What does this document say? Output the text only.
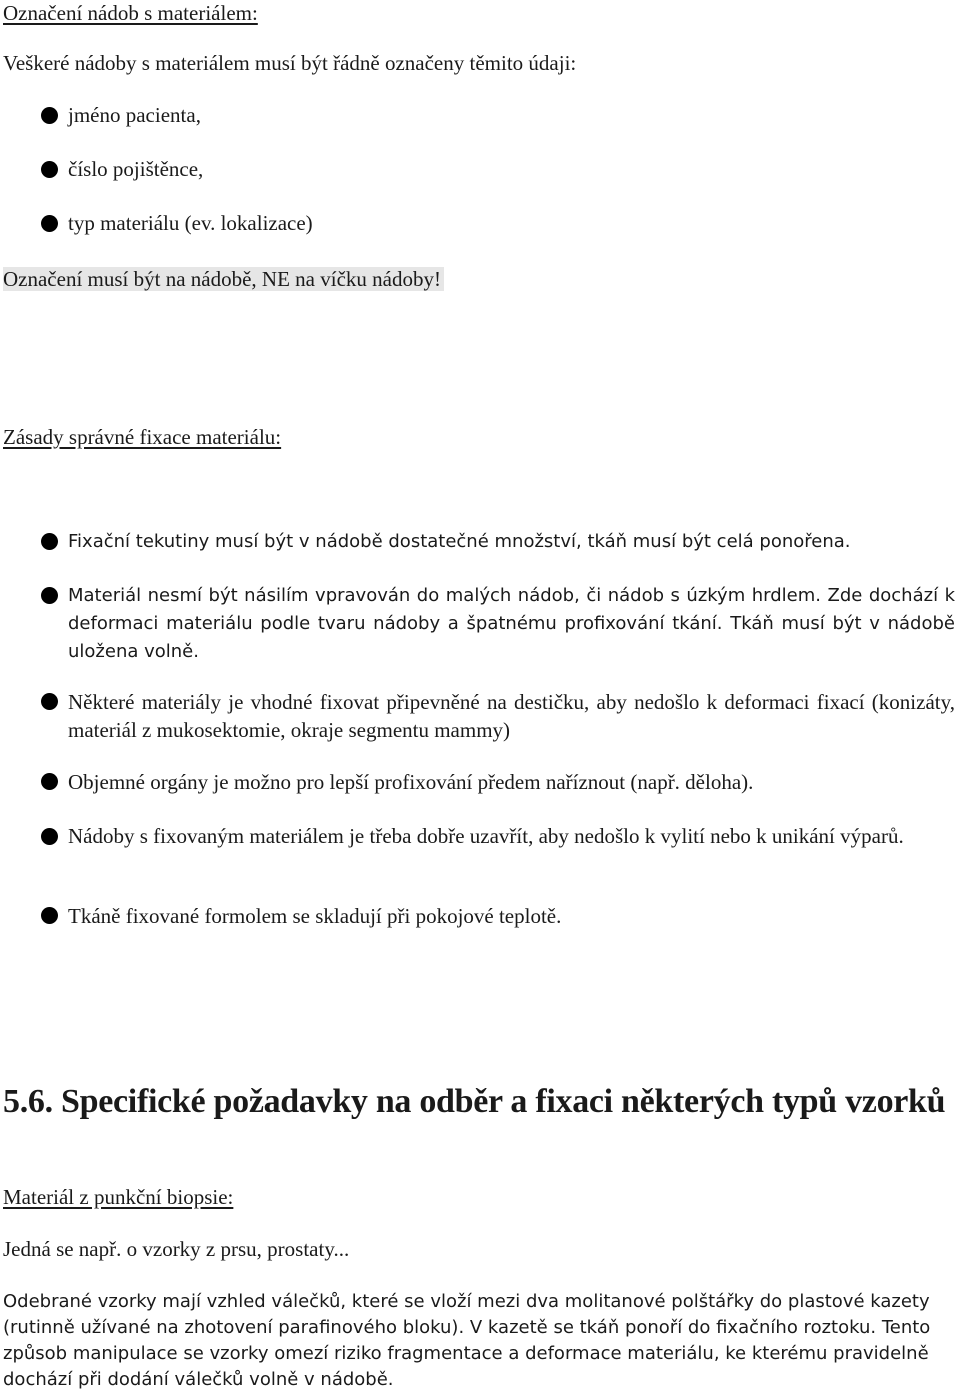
Označení nádob s materiálem:
Veškeré nádoby s materiálem musí být řádně označeny těmito údaji:
jméno pacienta,
číslo pojištěnce,
typ materiálu (ev. lokalizace)
Označení musí být na nádobě, NE na víčku nádoby!
Zásady správné fixace materiálu:
Fixační tekutiny musí být v nádobě dostatečné množství, tkáň musí být celá ponořena.
Materiál nesmí být násilím vpravován do malých nádob, či nádob s úzkým hrdlem. Zde dochází k deformaci materiálu podle tvaru nádoby a špatnému profixování tkání. Tkáň musí být v nádobě uložena volně.
Některé materiály je vhodné fixovat připevněné na destičku, aby nedošlo k deformaci fixací (konizáty, materiál z mukosektomie, okraje segmentu mammy)
Objemné orgány je možno pro lepší profixování předem naříznout (např. děloha).
Nádoby s fixovaným materiálem je třeba dobře uzavřít, aby nedošlo k vylití nebo k unikání výparů.
Tkáně fixované formolem se skladují při pokojové teplotě.
5.6. Specifické požadavky na odběr a fixaci některých typů vzorků
Materiál z punkční biopsie:
Jedná se např. o vzorky z prsu, prostaty...
Odebrané vzorky mají vzhled válečků, které se vloží mezi dva molitanové polštářky do plastové kazety (rutinně užívané na zhotovení parafinového bloku). V kazetě se tkáň ponoří do fixačního roztoku. Tento způsob manipulace se vzorky omezí riziko fragmentace a deformace materiálu, ke kterému pravidelně dochází při dodání válečků volně v nádobě.
